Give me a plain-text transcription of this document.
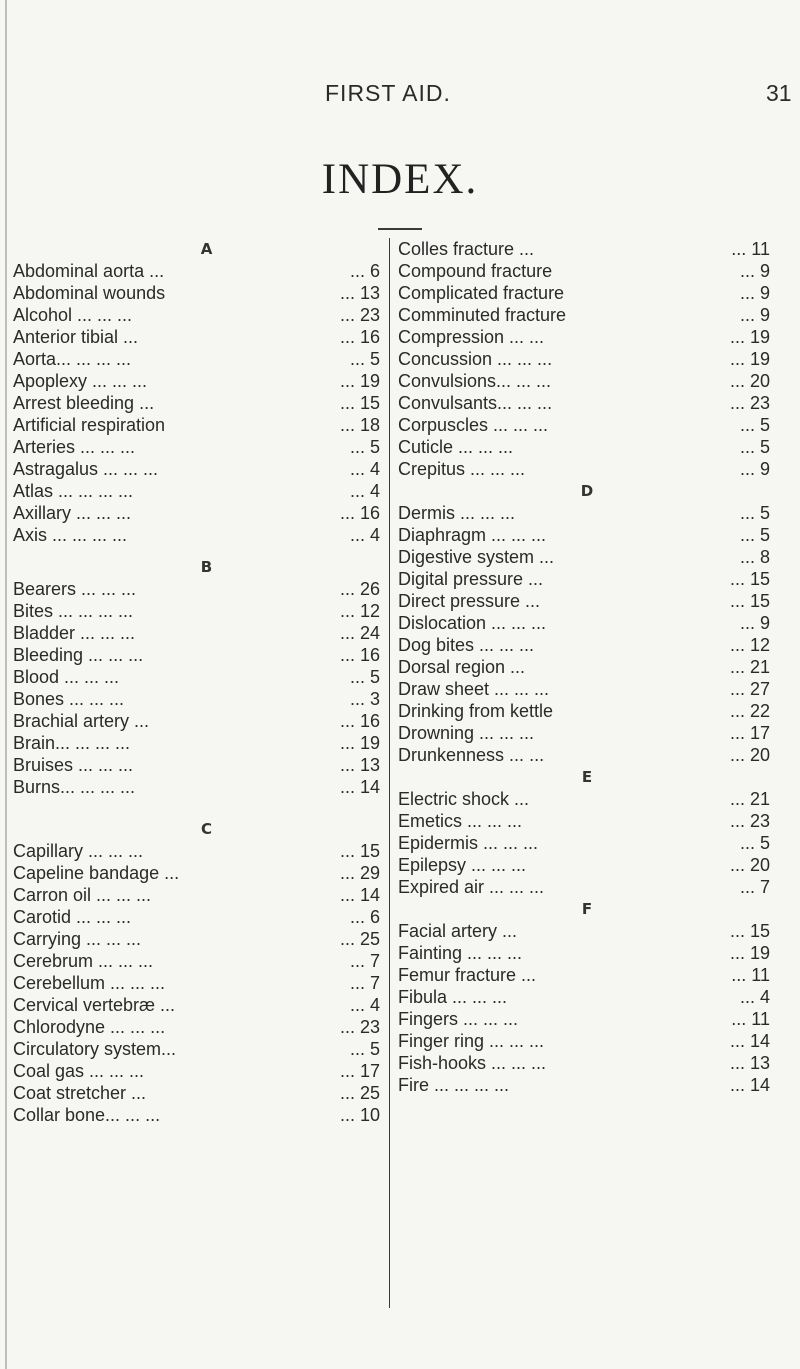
FIRST AID.	31
INDEX.
A
Abdominal aorta ...	... 6
Abdominal wounds	... 13
Alcohol ... ... ...	... 23
Anterior tibial ...	... 16
Aorta... ... ... ...	... 5
Apoplexy ... ... ...	... 19
Arrest bleeding ...	... 15
Artificial respiration	... 18
Arteries ... ... ...	... 5
Astragalus ... ... ...	... 4
Atlas ... ... ... ...	... 4
Axillary ... ... ...	... 16
Axis ... ... ... ...	... 4
B
Bearers ... ... ...	... 26
Bites ... ... ... ...	... 12
Bladder ... ... ...	... 24
Bleeding ... ... ...	... 16
Blood ... ... ...	... 5
Bones ... ... ...	... 3
Brachial artery ...	... 16
Brain... ... ... ...	... 19
Bruises ... ... ...	... 13
Burns... ... ... ...	... 14
C
Capillary ... ... ...	... 15
Capeline bandage ...	... 29
Carron oil ... ... ...	... 14
Carotid ... ... ...	... 6
Carrying ... ... ...	... 25
Cerebrum ... ... ...	... 7
Cerebellum ... ... ...	... 7
Cervical vertebræ ...	... 4
Chlorodyne ... ... ...	... 23
Circulatory system...	... 5
Coal gas ... ... ...	... 17
Coat stretcher ...	... 25
Collar bone... ... ...	... 10
Colles fracture ...	... 11
Compound fracture	... 9
Complicated fracture	... 9
Comminuted fracture	... 9
Compression ... ...	... 19
Concussion ... ... ...	... 19
Convulsions... ... ...	... 20
Convulsants... ... ...	... 23
Corpuscles ... ... ...	... 5
Cuticle ... ... ...	... 5
Crepitus ... ... ...	... 9
D
Dermis ... ... ...	... 5
Diaphragm ... ... ...	... 5
Digestive system ...	... 8
Digital pressure ...	... 15
Direct pressure ...	... 15
Dislocation ... ... ...	... 9
Dog bites ... ... ...	... 12
Dorsal region ...	... 21
Draw sheet ... ... ...	... 27
Drinking from kettle	... 22
Drowning ... ... ...	... 17
Drunkenness ... ...	... 20
E
Electric shock ...	... 21
Emetics ... ... ...	... 23
Epidermis ... ... ...	... 5
Epilepsy ... ... ...	... 20
Expired air ... ... ...	... 7
F
Facial artery ...	... 15
Fainting ... ... ...	... 19
Femur fracture ...	... 11
Fibula ... ... ...	... 4
Fingers ... ... ...	... 11
Finger ring ... ... ...	... 14
Fish-hooks ... ... ...	... 13
Fire ... ... ... ...	... 14
